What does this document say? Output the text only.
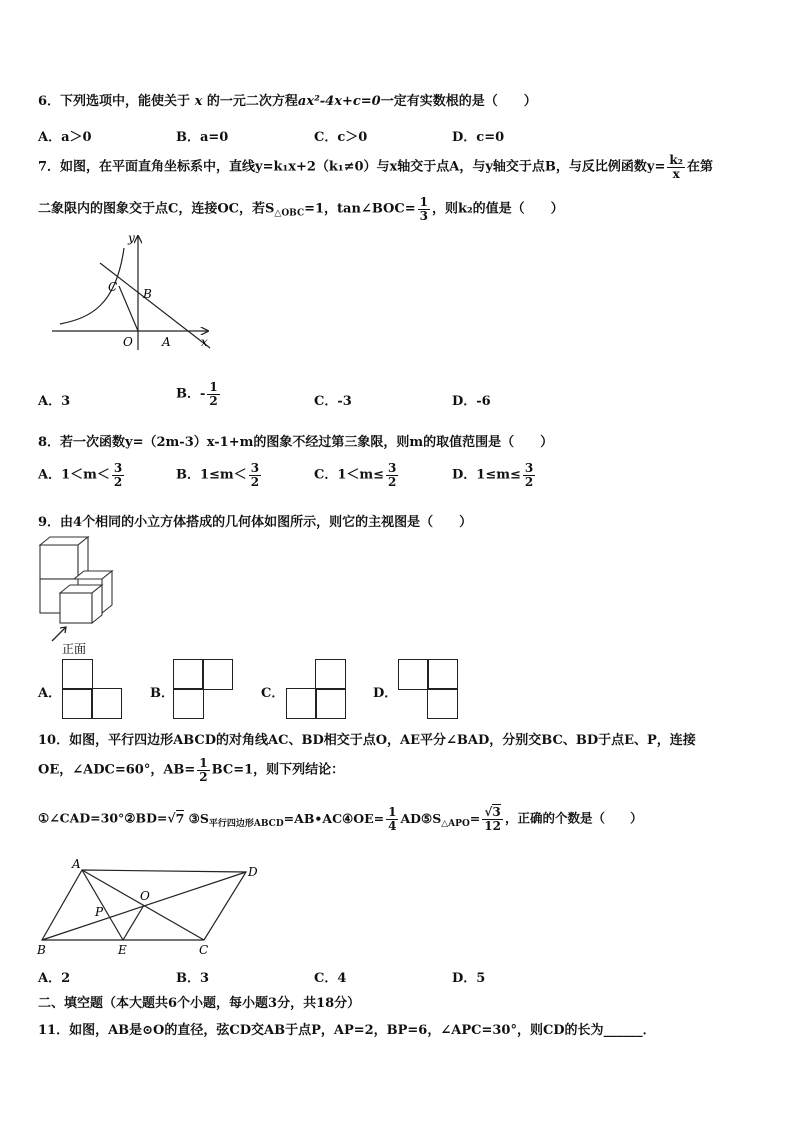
6．下列选项中，能使关于 x 的一元二次方程ax²-4x+c=0一定有实数根的是（　　）
A．a＞0	B．a=0	C．c＞0	D．c=0
7．如图，在平面直角坐标系中，直线y=k₁x+2（k₁≠0）与x轴交于点A，与y轴交于点B，与反比例函数$y= \frac{\text{k₂}}{x}$ 在第
二象限内的图象交于点C，连接OC，若$S_{\triangle OBC}=1$，tan∠BOC= $\frac{1}{3}$ ，则k₂的值是（　　）
y
x
C B
O A
A．3	B．- $\frac{1}{2}$	C．-3	D．-6
8．若一次函数y=（2m-3）x-1+m的图象不经过第三象限，则m的取值范围是（　　）
A．$1<m< \frac{3}{2}$	B．$1\le m< \frac{3}{2}$	C．$1<m\le \frac{3}{2}$	D．$1\le m\le \frac{3}{2}$
9．由4个相同的小立方体搭成的几何体如图所示，则它的主视图是（　　）
正面
A．	B．	C．	D．
10．如图，平行四边形ABCD的对角线AC、BD相交于点O，AE平分∠BAD，分别交BC、BD于点E、P，连接
OE，∠ADC=60°，$AB= \frac{1}{2} BC=1$，则下列结论：
①∠CAD=30°②BD=√7 $③S_{平行四边形ABCD}=AB•AC④OE= \frac{1}{4}$ $AD⑤S_{\triangle APO}= \frac{√3}{12}$ ，正确的个数是（　　）
A
D
O
P
B	E	C
A．2	B．3	C．4	D．5
二、填空题（本大题共6个小题，每小题3分，共18分）
11．如图，AB是⊙O的直径，弦CD交AB于点P，AP=2，BP=6，∠APC=30°，则CD的长为______．
